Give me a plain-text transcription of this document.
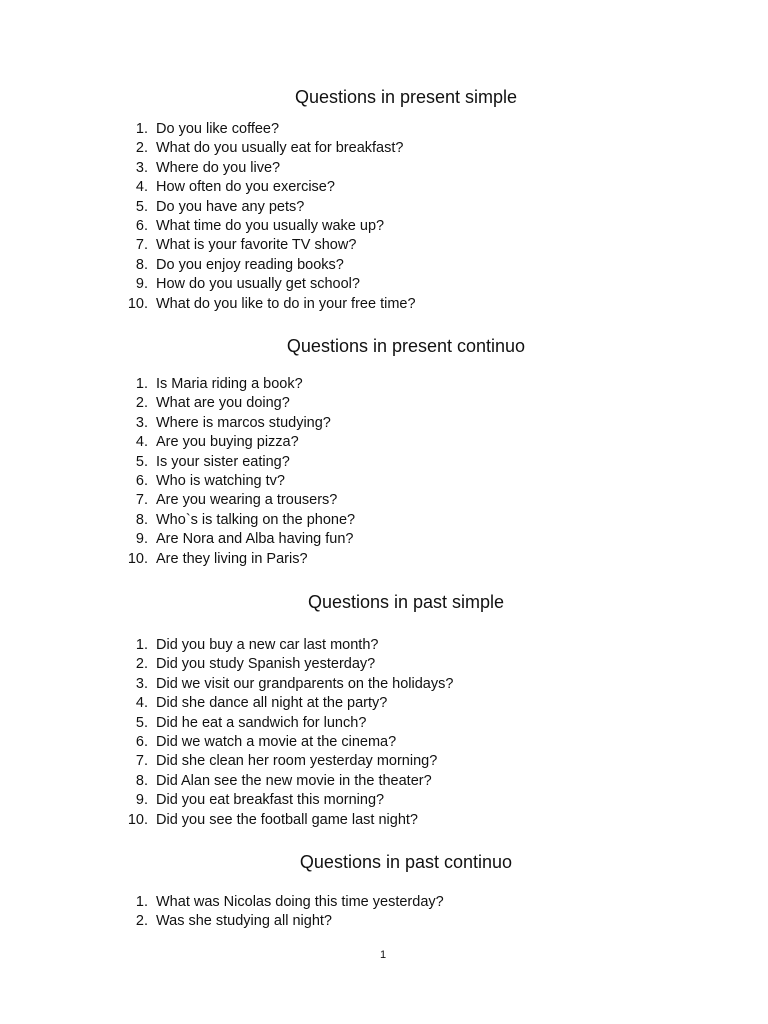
Questions in present simple
1. Do you like coffee?
2. What do you usually eat for breakfast?
3. Where do you live?
4. How often do you exercise?
5. Do you have any pets?
6. What time do you usually wake up?
7. What is your favorite TV show?
8. Do you enjoy reading books?
9. How do you usually get school?
10. What do you like to do in your free time?
Questions in present continuo
1. Is Maria riding a book?
2. What are you doing?
3. Where is marcos studying?
4. Are you buying pizza?
5. Is your sister eating?
6. Who is watching tv?
7. Are you wearing a trousers?
8. Who`s is talking on the phone?
9. Are Nora and Alba having fun?
10. Are they living in Paris?
Questions in past simple
1. Did you buy a new car last month?
2. Did you study Spanish yesterday?
3. Did we visit our grandparents on the holidays?
4. Did she dance all night at the party?
5. Did he eat a sandwich for lunch?
6. Did we watch a movie at the cinema?
7. Did she clean her room yesterday morning?
8. Did Alan see the new movie in the theater?
9. Did you eat breakfast this morning?
10. Did you see the football game last night?
Questions in past continuo
1. What was Nicolas doing this time yesterday?
2. Was she studying all night?
1
